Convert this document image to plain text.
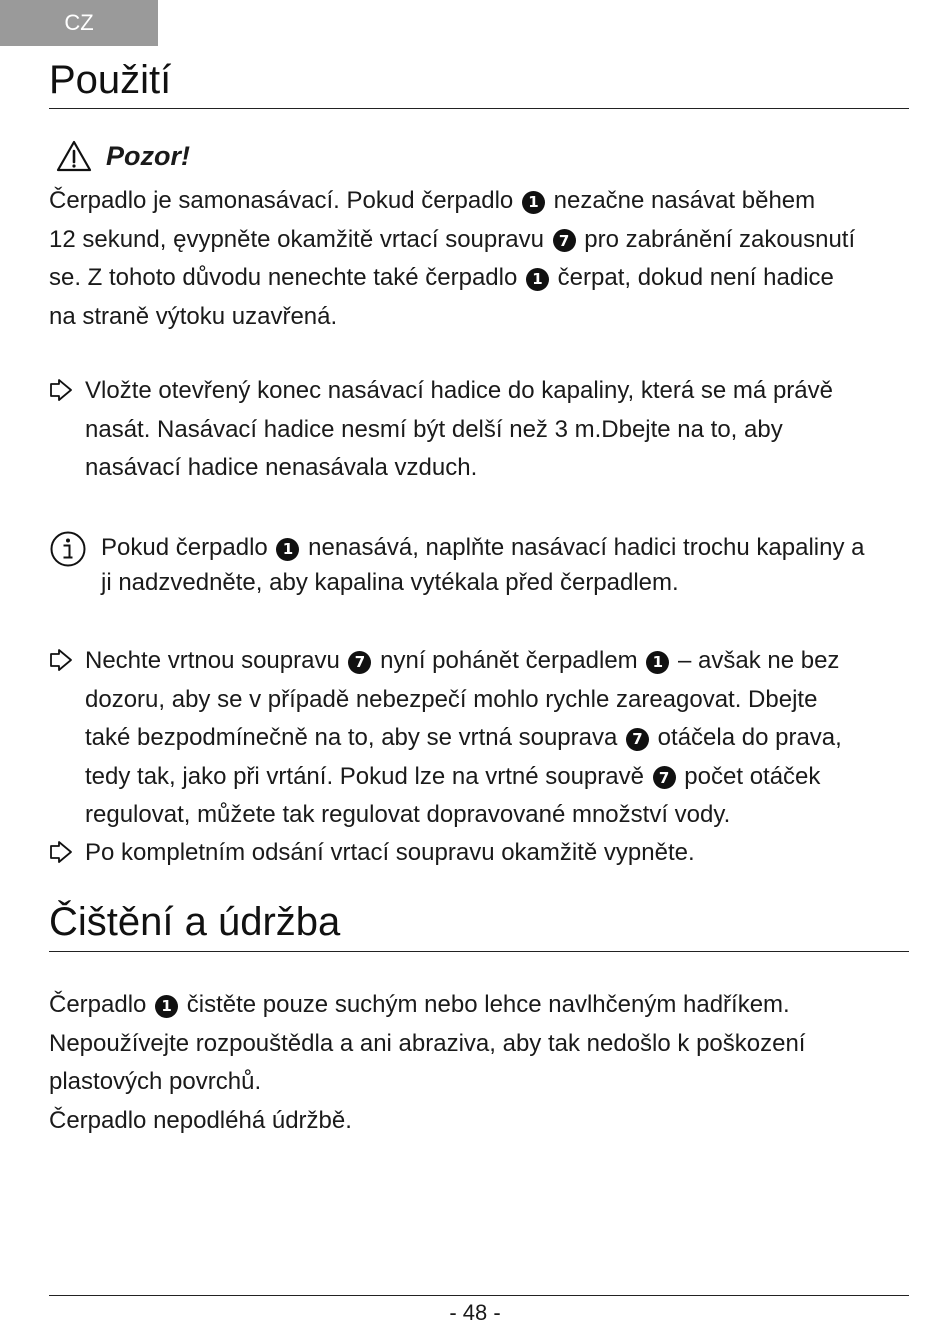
CZ
Použití
Pozor!
Čerpadlo je samonasávací. Pokud čerpadlo 1 nezačne nasávat během
12 sekund, ęvypněte okamžitě vrtací soupravu 7 pro zabránění zakousnutí
se. Z tohoto důvodu nenechte také čerpadlo 1 čerpat, dokud není hadice
na straně výtoku uzavřená.
Vložte otevřený konec nasávací hadice do kapaliny, která se má právě
nasát. Nasávací hadice nesmí být delší než 3 m.Dbejte na to, aby
nasávací hadice nenasávala vzduch.
Pokud čerpadlo 1 nenasává, naplňte nasávací hadici trochu kapaliny a
ji nadzvedněte, aby kapalina vytékala před čerpadlem.
Nechte vrtnou soupravu 7 nyní pohánět čerpadlem 1 – avšak ne bez
dozoru, aby se v případě nebezpečí mohlo rychle zareagovat. Dbejte
také bezpodmínečně na to, aby se vrtná souprava 7 otáčela do prava,
tedy tak, jako při vrtání. Pokud lze na vrtné soupravě 7 počet otáček
regulovat, můžete tak regulovat dopravované množství vody.
Po kompletním odsání vrtací soupravu okamžitě vypněte.
Čištění a údržba
Čerpadlo 1 čistěte pouze suchým nebo lehce navlhčeným hadříkem.
Nepoužívejte rozpouštědla a ani abraziva, aby tak nedošlo k poškození
plastových povrchů.
Čerpadlo nepodléhá údržbě.
- 48 -
